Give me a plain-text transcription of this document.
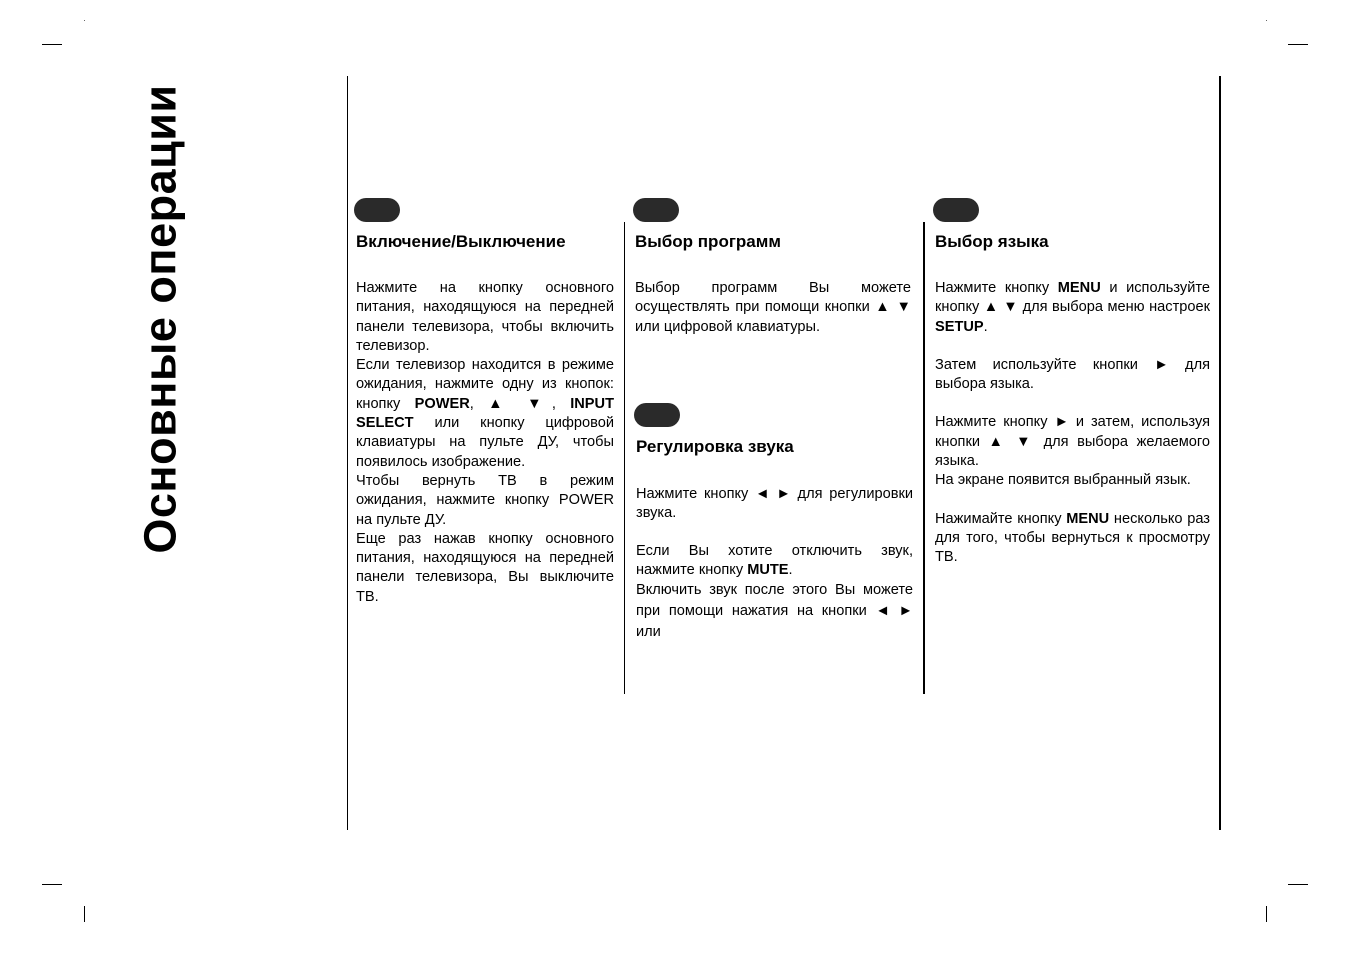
Основные операции	Включение/Выключение

Нажмите на кнопку основного питания, находящуюся на передней панели телевизора, чтобы включить телевизор.

Если телевизор находится в режиме ожидания, нажмите одну из кнопок: кнопку POWER, ▲ ▼, INPUT SELECT или кнопку цифровой клавиатуры на пульте ДУ, чтобы появилось изображение.

Чтобы вернуть ТВ в режим ожидания, нажмите кнопку POWER на пульте ДУ.

Еще раз нажав кнопку основного питания, находящуюся на передней панели телевизора, Вы выключите ТВ.

Выбор программ

Выбор программ Вы можете осуществлять при помощи кнопки ▲ ▼ или цифровой клавиатуры.

Регулировка звука

Нажмите кнопку ◄ ► для регулировки звука.

Если Вы хотите отключить звук, нажмите кнопку MUTE.

Включить звук после этого Вы можете при помощи нажатия на кнопки ◄ ► или

Выбор языка

Нажмите кнопку MENU и используйте кнопку ▲ ▼ для выбора меню настроек SETUP.

Затем используйте кнопки ► для выбора языка.

Нажмите кнопку ► и затем, используя кнопки ▲ ▼ для выбора желаемого языка.

На экране появится выбранный язык.

Нажимайте кнопку MENU несколько раз для того, чтобы вернуться к просмотру ТВ.
